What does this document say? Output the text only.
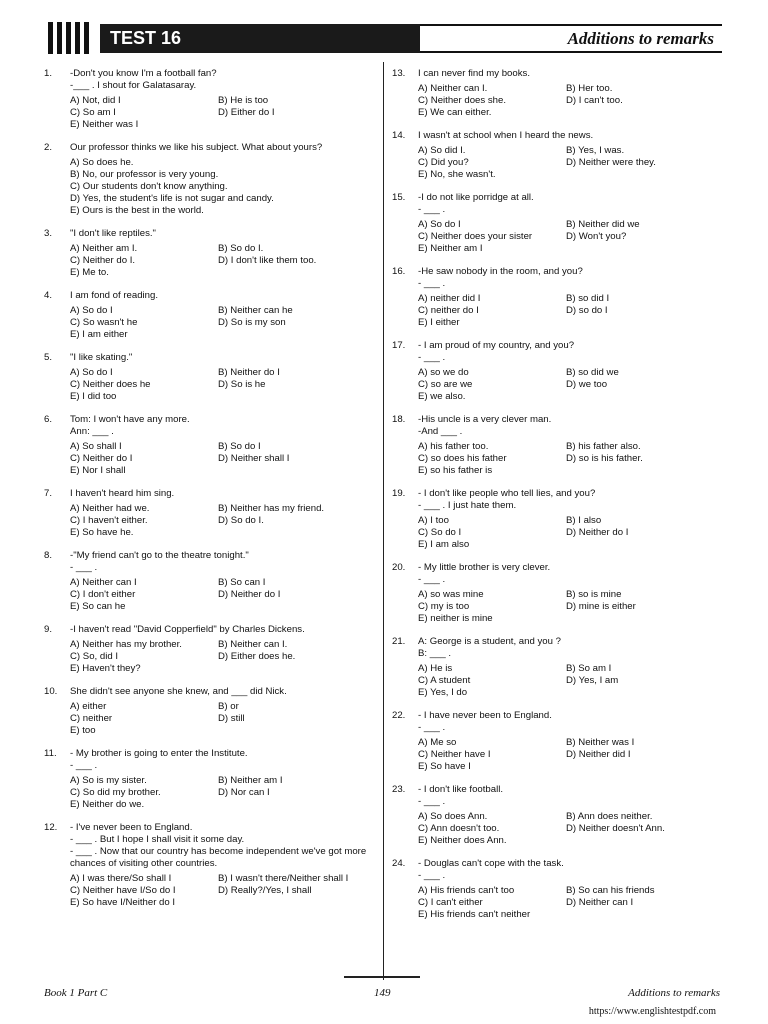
TEST 16	Additions to remarks
1.	-Don't you know I'm a football fan?
-___ . I shout for Galatasaray.
A) Not, did I	B) He is too
C) So am I	D) Either do I
E) Neither was I
2.	Our professor thinks we like his subject. What about yours?
A) So does he.
B) No, our professor is very young.
C) Our students don't know anything.
D) Yes, the student's life is not sugar and candy.
E) Ours is the best in the world.
3.	"I don't like reptiles."
A) Neither am I.	B) So do I.
C) Neither do I.	D) I don't like them too.
E) Me to.
4.	I am fond of reading.
A) So do I	B) Neither can he
C) So wasn't he	D) So is my son
E) I am either
5.	"I like skating."
A) So do I	B) Neither do I
C) Neither does he	D) So is he
E) I did too
6.	Tom: I won't have any more.
Ann: ___ .
A) So shall I	B) So do I
C) Neither do I	D) Neither shall I
E) Nor I shall
7.	I haven't heard him sing.
A) Neither had we.	B) Neither has my friend.
C) I haven't either.	D) So do I.
E) So have he.
8.	-"My friend can't go to the theatre tonight."
- ___ .
A) Neither can I	B) So can I
C) I don't either	D) Neither do I
E) So can he
9.	-I haven't read "David Copperfield" by Charles Dickens.
A) Neither has my brother.	B) Neither can I.
C) So, did I	D) Either does he.
E) Haven't they?
10.	She didn't see anyone she knew, and ___ did Nick.
A) either	B) or
C) neither	D) still
E) too
11.	- My brother is going to enter the Institute.
- ___ .
A) So is my sister.	B) Neither am I
C) So did my brother.	D) Nor can I
E) Neither do we.
12.	- I've never been to England.
- ___ . But I hope I shall visit it some day.
- ___ . Now that our country has become independent we've got more chances of visiting other countries.
A) I was there/So shall I	B) I wasn't there/Neither shall I
C) Neither have I/So do I	D) Really?/Yes, I shall
E) So have I/Neither do I
13.	I can never find my books.
A) Neither can I.	B) Her too.
C) Neither does she.	D) I can't too.
E) We can either.
14.	I wasn't at school when I heard the news.
A) So did I.	B) Yes, I was.
C) Did you?	D) Neither were they.
E) No, she wasn't.
15.	-I do not like porridge at all.
- ___ .
A) So do I	B) Neither did we
C) Neither does your sister	D) Won't you?
E) Neither am I
16.	-He saw nobody in the room, and you?
- ___ .
A) neither did I	B) so did I
C) neither do I	D) so do I
E) I either
17.	- I am proud of my country, and you?
- ___ .
A) so we do	B) so did we
C) so are we	D) we too
E) we also.
18.	-His uncle is a very clever man.
-And ___ .
A) his father too.	B) his father also.
C) so does his father	D) so is his father.
E) so his father is
19.	- I don't like people who tell lies, and you?
- ___ . I just hate them.
A) I too	B) I also
C) So do I	D) Neither do I
E) I am also
20.	- My little brother is very clever.
- ___ .
A) so was mine	B) so is mine
C) my is too	D) mine is either
E) neither is mine
21.	A: George is a student, and you ?
B: ___ .
A) He is	B) So am I
C) A student	D) Yes, I am
E) Yes, I do
22.	- I have never been to England.
- ___ .
A) Me so	B) Neither was I
C) Neither have I	D) Neither did I
E) So have I
23.	- I don't like football.
- ___ .
A) So does Ann.	B) Ann does neither.
C) Ann doesn't too.	D) Neither doesn't Ann.
E) Neither does Ann.
24.	- Douglas can't cope with the task.
- ___ .
A) His friends can't too	B) So can his friends
C) I can't either	D) Neither can I
E) His friends can't neither
Book 1 Part C	149	Additions to remarks
https://www.englishtestpdf.com
